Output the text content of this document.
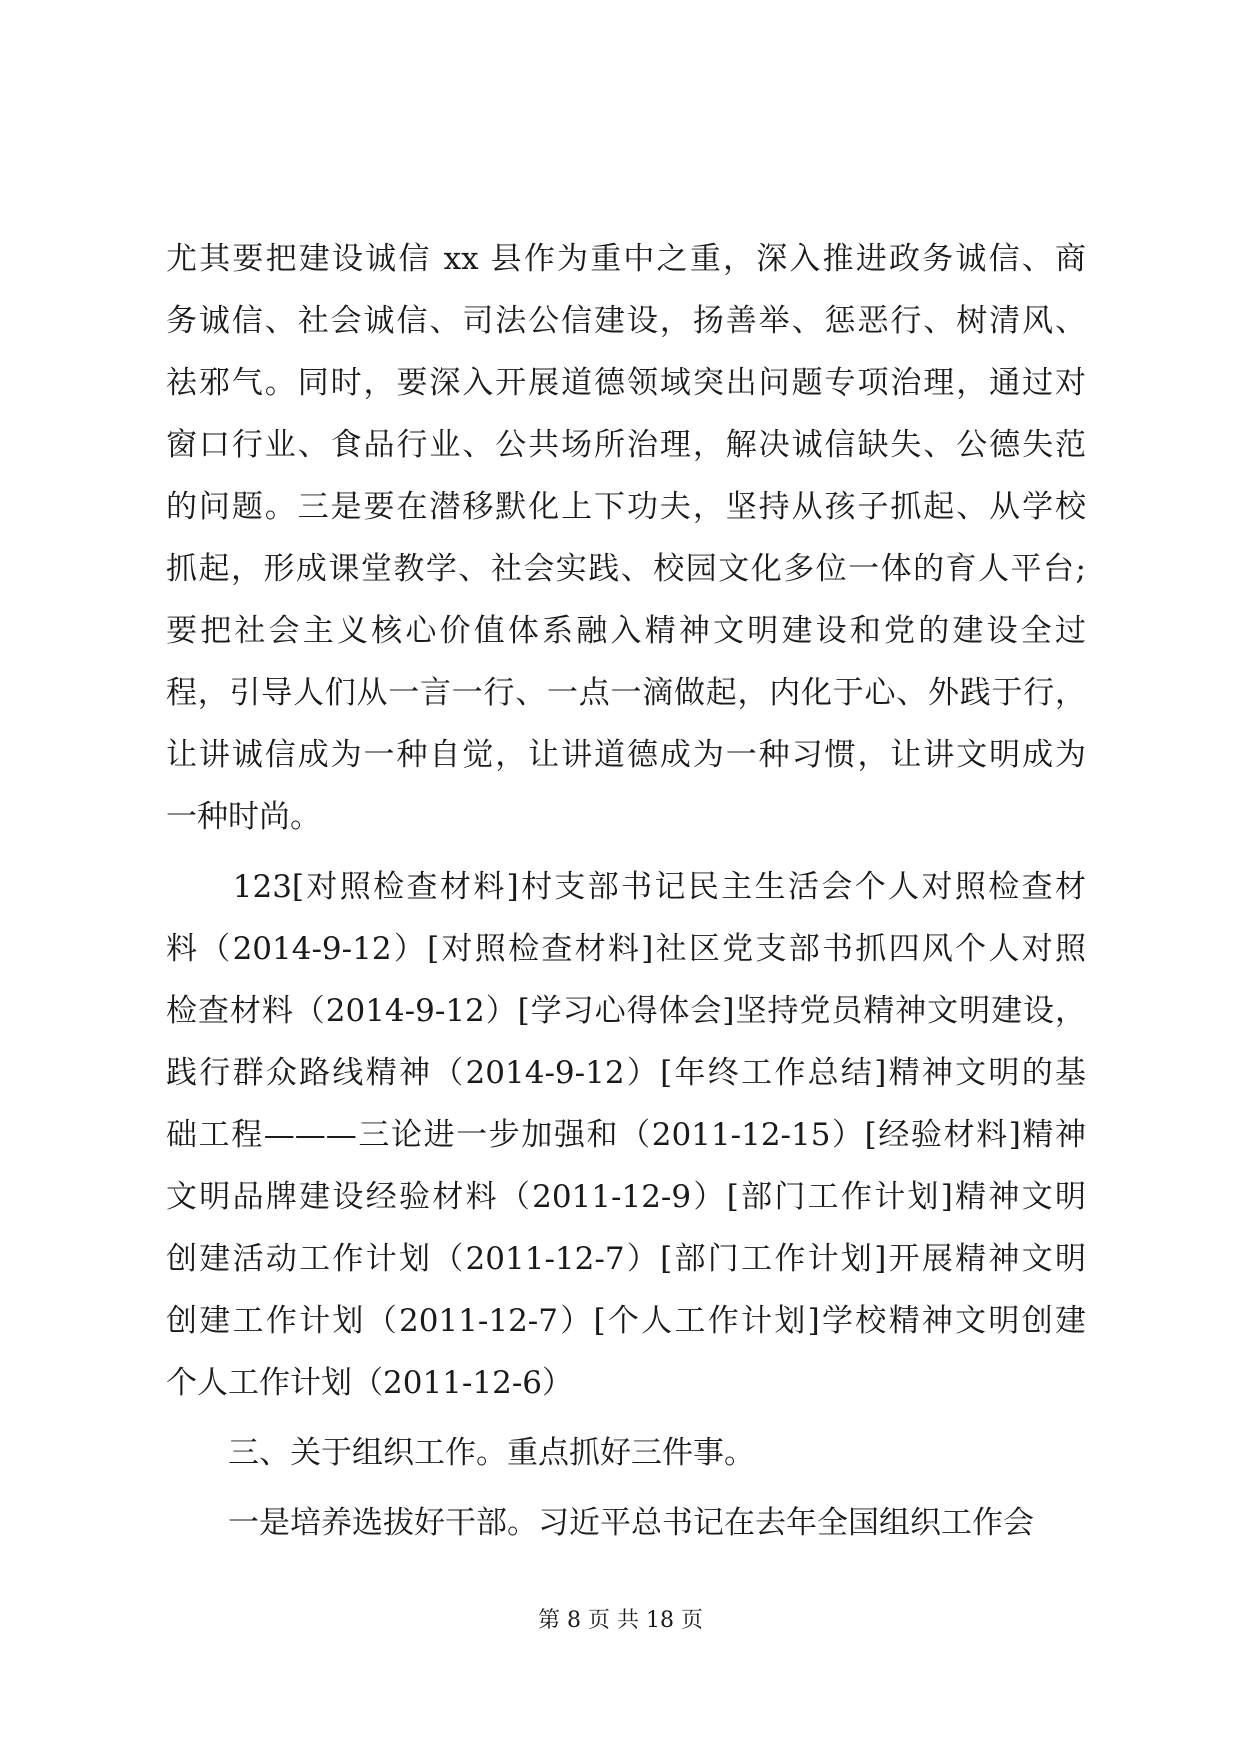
尤其要把建设诚信 xx 县作为重中之重，深入推进政务诚信、商
务诚信、社会诚信、司法公信建设，扬善举、惩恶行、树清风、
祛邪气。同时，要深入开展道德领域突出问题专项治理，通过对
窗口行业、食品行业、公共场所治理，解决诚信缺失、公德失范
的问题。三是要在潜移默化上下功夫，坚持从孩子抓起、从学校
抓起，形成课堂教学、社会实践、校园文化多位一体的育人平台;
要把社会主义核心价值体系融入精神文明建设和党的建设全过
程，引导人们从一言一行、一点一滴做起，内化于心、外践于行，
让讲诚信成为一种自觉，让讲道德成为一种习惯，让讲文明成为
一种时尚。
　　123[对照检查材料]村支部书记民主生活会个人对照检查材
料（2014-9-12）[对照检查材料]社区党支部书抓四风个人对照
检查材料（2014-9-12）[学习心得体会]坚持党员精神文明建设，
践行群众路线精神（2014-9-12）[年终工作总结]精神文明的基
础工程———三论进一步加强和（2011-12-15）[经验材料]精神
文明品牌建设经验材料（2011-12-9）[部门工作计划]精神文明
创建活动工作计划（2011-12-7）[部门工作计划]开展精神文明
创建工作计划（2011-12-7）[个人工作计划]学校精神文明创建
个人工作计划（2011-12-6）
　　三、关于组织工作。重点抓好三件事。
　　一是培养选拔好干部。习近平总书记在去年全国组织工作会
第 8 页 共 18 页
